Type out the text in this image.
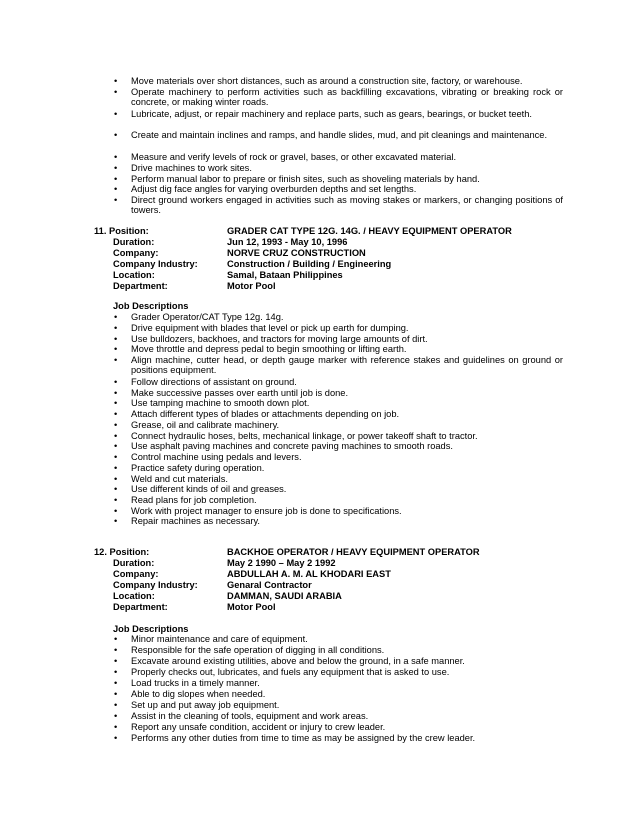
• Move materials over short distances, such as around a construction site, factory, or warehouse.
• Operate machinery to perform activities such as backfilling excavations, vibrating or breaking rock or concrete, or making winter roads.
• Lubricate, adjust, or repair machinery and replace parts, such as gears, bearings, or bucket teeth.
• Create and maintain inclines and ramps, and handle slides, mud, and pit cleanings and maintenance.
• Measure and verify levels of rock or gravel, bases, or other excavated material.
• Drive machines to work sites.
• Perform manual labor to prepare or finish sites, such as shoveling materials by hand.
• Adjust dig face angles for varying overburden depths and set lengths.
• Direct ground workers engaged in activities such as moving stakes or markers, or changing positions of towers.
11. Position:	GRADER CAT TYPE 12G. 14G. / HEAVY EQUIPMENT OPERATOR
Duration:	Jun 12, 1993 - May 10, 1996
Company:	NORVE CRUZ CONSTRUCTION
Company Industry:	Construction / Building / Engineering
Location:	Samal, Bataan Philippines
Department:	Motor Pool
Job Descriptions
• Grader Operator/CAT Type 12g. 14g.
• Drive equipment with blades that level or pick up earth for dumping.
• Use bulldozers, backhoes, and tractors for moving large amounts of dirt.
• Move throttle and depress pedal to begin smoothing or lifting earth.
• Align machine, cutter head, or depth gauge marker with reference stakes and guidelines on ground or positions equipment.
• Follow directions of assistant on ground.
• Make successive passes over earth until job is done.
• Use tamping machine to smooth down plot.
• Attach different types of blades or attachments depending on job.
• Grease, oil and calibrate machinery.
• Connect hydraulic hoses, belts, mechanical linkage, or power takeoff shaft to tractor.
• Use asphalt paving machines and concrete paving machines to smooth roads.
• Control machine using pedals and levers.
• Practice safety during operation.
• Weld and cut materials.
• Use different kinds of oil and greases.
• Read plans for job completion.
• Work with project manager to ensure job is done to specifications.
• Repair machines as necessary.
12. Position:	BACKHOE OPERATOR / HEAVY EQUIPMENT OPERATOR
Duration:	May 2 1990 – May 2 1992
Company:	ABDULLAH A. M. AL KHODARI EAST
Company Industry:	Genaral Contractor
Location:	DAMMAN, SAUDI ARABIA
Department:	Motor Pool
Job Descriptions
• Minor maintenance and care of equipment.
• Responsible for the safe operation of digging in all conditions.
• Excavate around existing utilities, above and below the ground, in a safe manner.
• Properly checks out, lubricates, and fuels any equipment that is asked to use.
• Load trucks in a timely manner.
• Able to dig slopes when needed.
• Set up and put away job equipment.
• Assist in the cleaning of tools, equipment and work areas.
• Report any unsafe condition, accident or injury to crew leader.
• Performs any other duties from time to time as may be assigned by the crew leader.
